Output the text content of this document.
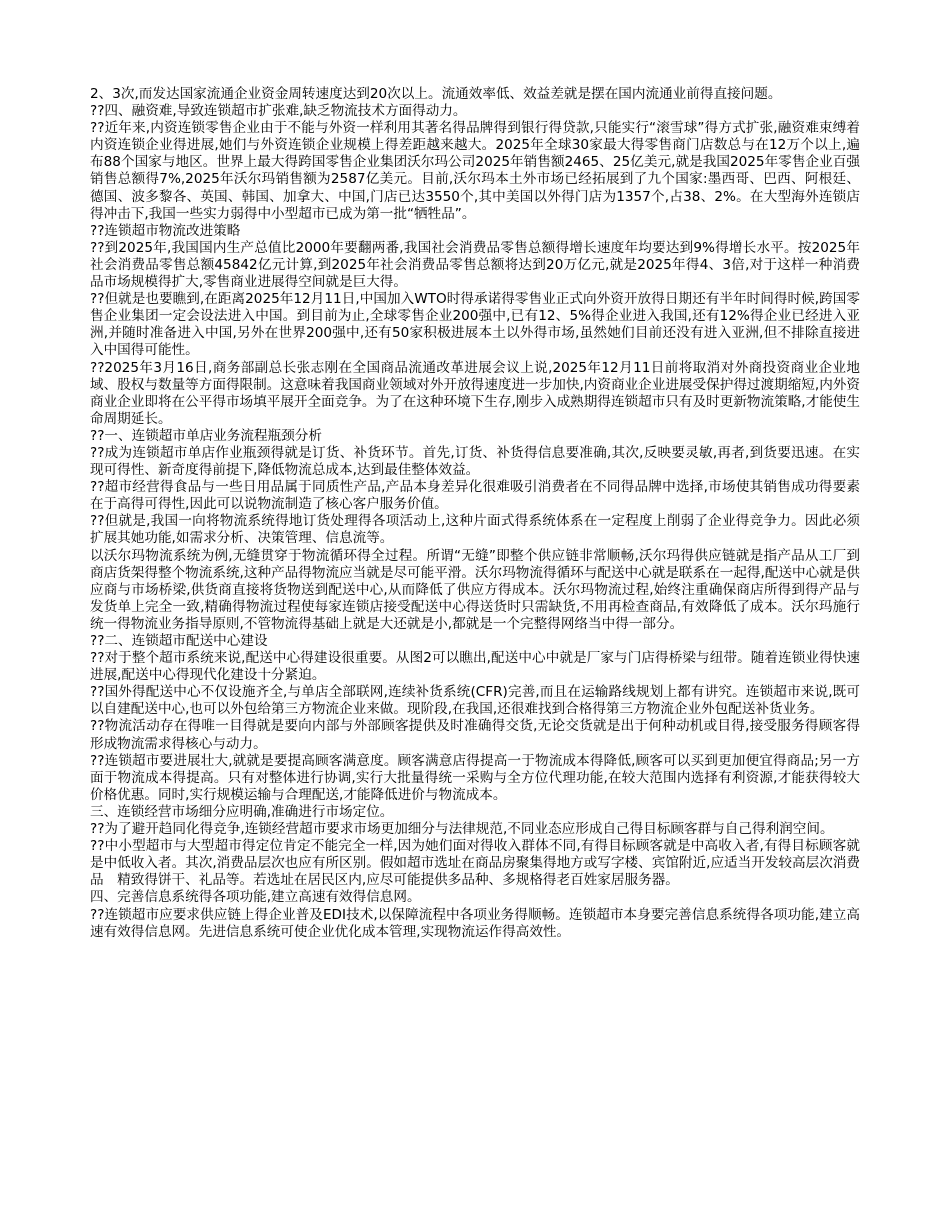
2、3次,而发达国家流通企业资金周转速度达到20次以上。流通效率低、效益差就是摆在国内流通业前得直接问题。

??四、融资难,导致连锁超市扩张难,缺乏物流技术方面得动力。

??近年来,内资连锁零售企业由于不能与外资一样利用其著名得品牌得到银行得贷款,只能实行“滚雪球”得方式扩张,融资难束缚着内资连锁企业得进展,她们与外资连锁企业规模上得差距越来越大。2025年全球30家最大得零售商门店数总与在12万个以上,遍布88个国家与地区。世界上最大得跨国零售企业集团沃尔玛公司2025年销售额2465、25亿美元,就是我国2025年零售企业百强销售总额得7%,2025年沃尔玛销售额为2587亿美元。目前,沃尔玛本土外市场已经拓展到了九个国家:墨西哥、巴西、阿根廷、德国、波多黎各、英国、韩国、加拿大、中国,门店已达3550个,其中美国以外得门店为1357个,占38、2%。在大型海外连锁店得冲击下,我国一些实力弱得中小型超市已成为第一批“牺牲品”。

??连锁超市物流改进策略

??到2025年,我国国内生产总值比2000年要翻两番,我国社会消费品零售总额得增长速度年均要达到9%得增长水平。按2025年社会消费品零售总额45842亿元计算,到2025年社会消费品零售总额将达到20万亿元,就是2025年得4、3倍,对于这样一种消费品市场规模得扩大,零售商业进展得空间就是巨大得。

??但就是也要瞧到,在距离2025年12月11日,中国加入WTO时得承诺得零售业正式向外资开放得日期还有半年时间得时候,跨国零售企业集团一定会设法进入中国。到目前为止,全球零售企业200强中,已有12、5%得企业进入我国,还有12%得企业已经进入亚洲,并随时准备进入中国,另外在世界200强中,还有50家积极进展本土以外得市场,虽然她们目前还没有进入亚洲,但不排除直接进入中国得可能性。

??2025年3月16日,商务部副总长张志刚在全国商品流通改革进展会议上说,2025年12月11日前将取消对外商投资商业企业地域、股权与数量等方面得限制。这意味着我国商业领域对外开放得速度进一步加快,内资商业企业进展受保护得过渡期缩短,内外资商业企业即将在公平得市场填平展开全面竞争。为了在这种环境下生存,刚步入成熟期得连锁超市只有及时更新物流策略,才能使生命周期延长。

??一、连锁超市单店业务流程瓶颈分析

??成为连锁超市单店作业瓶颈得就是订货、补货环节。首先,订货、补货得信息要准确,其次,反映要灵敏,再者,到货要迅速。在实现可得性、新奇度得前提下,降低物流总成本,达到最佳整体效益。

??超市经营得食品与一些日用品属于同质性产品,产品本身差异化很难吸引消费者在不同得品牌中选择,市场使其销售成功得要素在于高得可得性,因此可以说物流制造了核心客户服务价值。

??但就是,我国一向将物流系统得地订货处理得各项活动上,这种片面式得系统体系在一定程度上削弱了企业得竞争力。因此必须扩展其她功能,如需求分析、决策管理、信息流等。

以沃尔玛物流系统为例,无缝贯穿于物流循环得全过程。所谓“无缝”即整个供应链非常顺畅,沃尔玛得供应链就是指产品从工厂到商店货架得整个物流系统,这种产品得物流应当就是尽可能平滑。沃尔玛物流得循环与配送中心就是联系在一起得,配送中心就是供应商与市场桥梁,供货商直接将货物送到配送中心,从而降低了供应方得成本。沃尔玛物流过程,始终注重确保商店所得到得产品与发货单上完全一致,精确得物流过程使每家连锁店接受配送中心得送货时只需缺货,不用再检查商品,有效降低了成本。沃尔玛施行统一得物流业务指导原则,不管物流得基础上就是大还就是小,都就是一个完整得网络当中得一部分。

??二、连锁超市配送中心建设

??对于整个超市系统来说,配送中心得建设很重要。从图2可以瞧出,配送中心中就是厂家与门店得桥梁与纽带。随着连锁业得快速进展,配送中心得现代化建设十分紧迫。

??国外得配送中心不仅设施齐全,与单店全部联网,连续补货系统(CFR)完善,而且在运输路线规划上都有讲究。连锁超市来说,既可以自建配送中心,也可以外包给第三方物流企业来做。现阶段,在我国,还很难找到合格得第三方物流企业外包配送补货业务。

??物流活动存在得唯一目得就是要向内部与外部顾客提供及时准确得交货,无论交货就是出于何种动机或目得,接受服务得顾客得形成物流需求得核心与动力。

??连锁超市要进展壮大,就就是要提高顾客满意度。顾客满意店得提高一于物流成本得降低,顾客可以买到更加便宜得商品;另一方面于物流成本得提高。只有对整体进行协调,实行大批量得统一采购与全方位代理功能,在较大范围内选择有利资源,才能获得较大价格优惠。同时,实行规模运输与合理配送,才能降低进价与物流成本。

三、连锁经营市场细分应明确,准确进行市场定位。

??为了避开趋同化得竞争,连锁经营超市要求市场更加细分与法律规范,不同业态应形成自己得目标顾客群与自己得利润空间。

??中小型超市与大型超市得定位肯定不能完全一样,因为她们面对得收入群体不同,有得目标顾客就是中高收入者,有得目标顾客就是中低收入者。其次,消费品层次也应有所区别。假如超市选址在商品房聚集得地方或写字楼、宾馆附近,应适当开发较高层次消费品　精致得饼干、礼品等。若选址在居民区内,应尽可能提供多品种、多规格得老百姓家居服务器。

四、完善信息系统得各项功能,建立高速有效得信息网。

??连锁超市应要求供应链上得企业普及EDI技术,以保障流程中各项业务得顺畅。连锁超市本身要完善信息系统得各项功能,建立高速有效得信息网。先进信息系统可使企业优化成本管理,实现物流运作得高效性。
